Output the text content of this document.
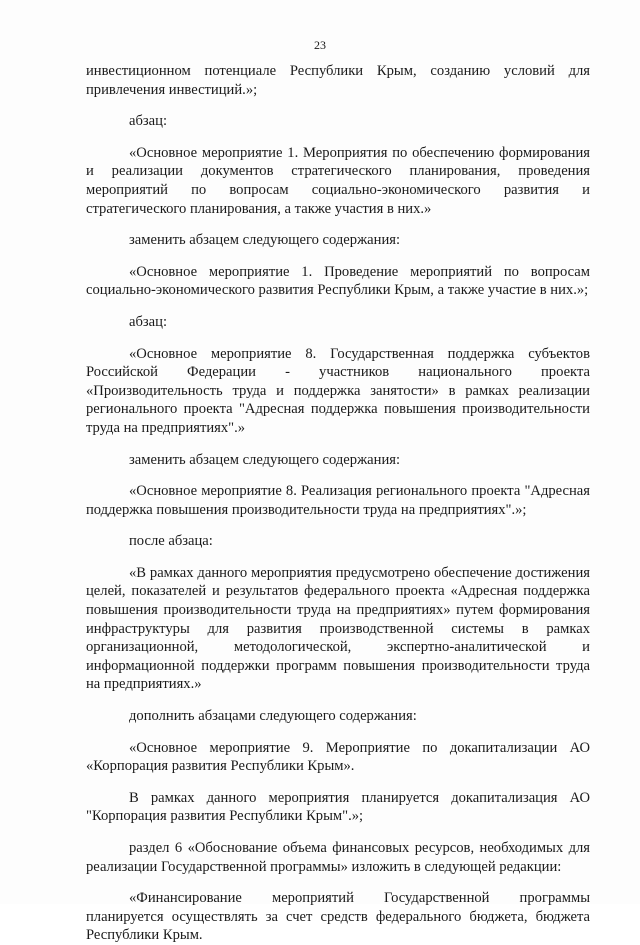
23

инвестиционном потенциале Республики Крым, созданию условий для привлечения инвестиций.»;

абзац:

«Основное мероприятие 1. Мероприятия по обеспечению формирования и реализации документов стратегического планирования, проведения мероприятий по вопросам социально-экономического развития и стратегического планирования, а также участия в них.»

заменить абзацем следующего содержания:

«Основное мероприятие 1. Проведение мероприятий по вопросам социально-экономического развития Республики Крым, а также участие в них.»;

абзац:

«Основное мероприятие 8. Государственная поддержка субъектов Российской Федерации - участников национального проекта «Производительность труда и поддержка занятости» в рамках реализации регионального проекта "Адресная поддержка повышения производительности труда на предприятиях".»

заменить абзацем следующего содержания:

«Основное мероприятие 8. Реализация регионального проекта "Адресная поддержка повышения производительности труда на предприятиях".»;

после абзаца:

«В рамках данного мероприятия предусмотрено обеспечение достижения целей, показателей и результатов федерального проекта «Адресная поддержка повышения производительности труда на предприятиях» путем формирования инфраструктуры для развития производственной системы в рамках организационной, методологической, экспертно-аналитической и информационной поддержки программ повышения производительности труда на предприятиях.»

дополнить абзацами следующего содержания:

«Основное мероприятие 9. Мероприятие по докапитализации АО «Корпорация развития Республики Крым».

В рамках данного мероприятия планируется докапитализация АО "Корпорация развития Республики Крым".»;

раздел 6 «Обоснование объема финансовых ресурсов, необходимых для реализации Государственной программы» изложить в следующей редакции:

«Финансирование мероприятий Государственной программы планируется осуществлять за счет средств федерального бюджета, бюджета Республики Крым.
